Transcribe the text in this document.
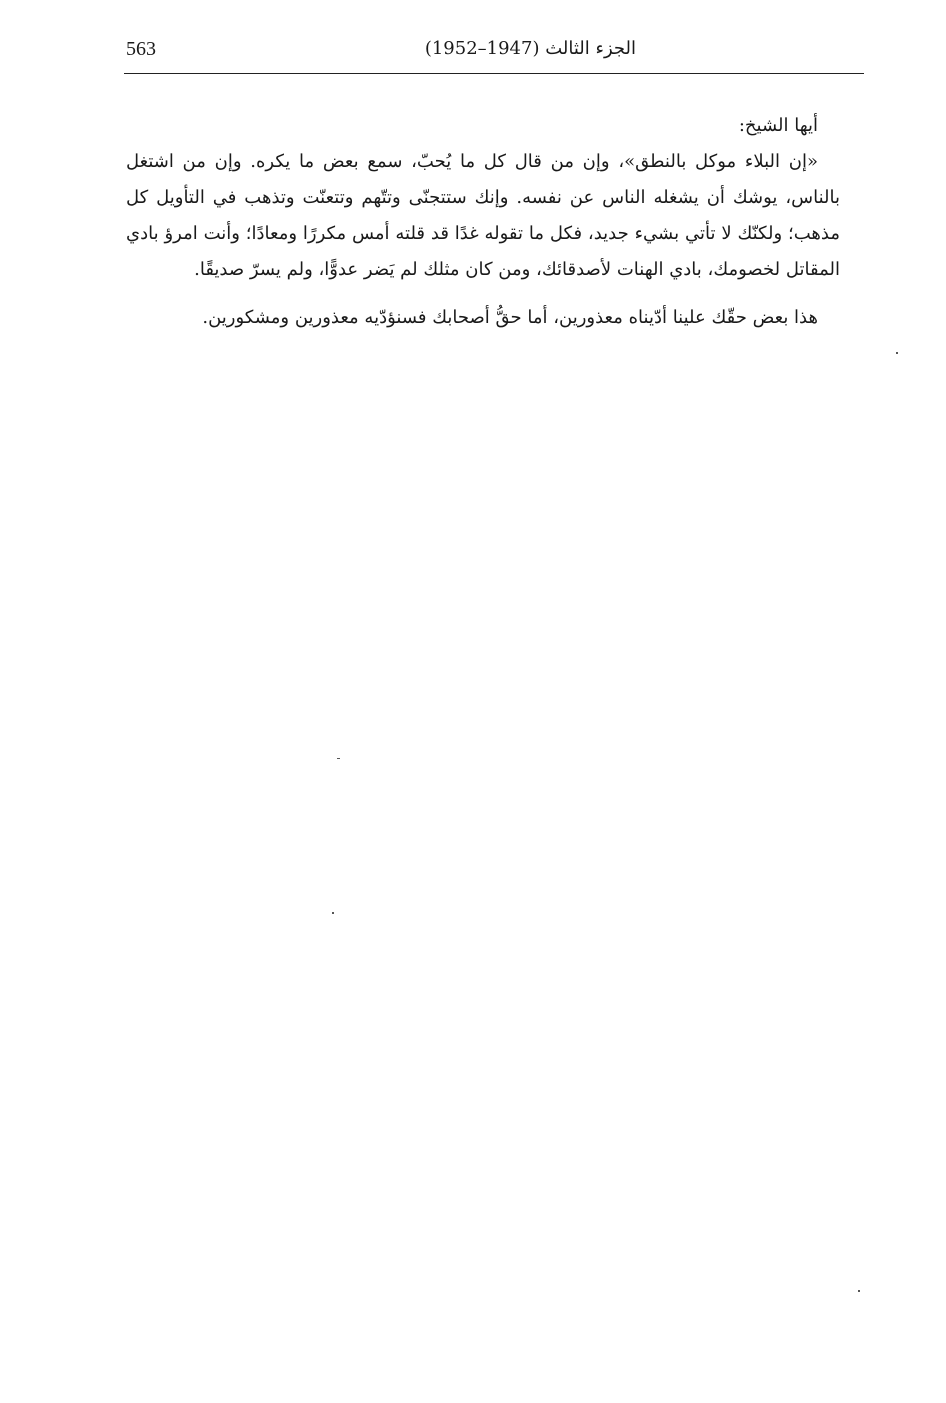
563	الجزء الثالث (1947–1952)

أيها الشيخ:

«إن البلاء موكل بالنطق»، وإن من قال كل ما يُحبّ، سمع بعض ما يكره. وإن من اشتغل بالناس، يوشك أن يشغله الناس عن نفسه. وإنك ستتجنّى وتتّهم وتتعنّت وتذهب في التأويل كل مذهب؛ ولكنّك لا تأتي بشيء جديد، فكل ما تقوله غدًا قد قلته أمس مكررًا ومعادًا؛ وأنت امرؤ بادي المقاتل لخصومك، بادي الهنات لأصدقائك، ومن كان مثلك لم يَضر عدوًّا، ولم يسرّ صديقًا.

هذا بعض حقّك علينا أدّيناه معذورين، أما حقُّ أصحابك فسنؤدّيه معذورين ومشكورين.
